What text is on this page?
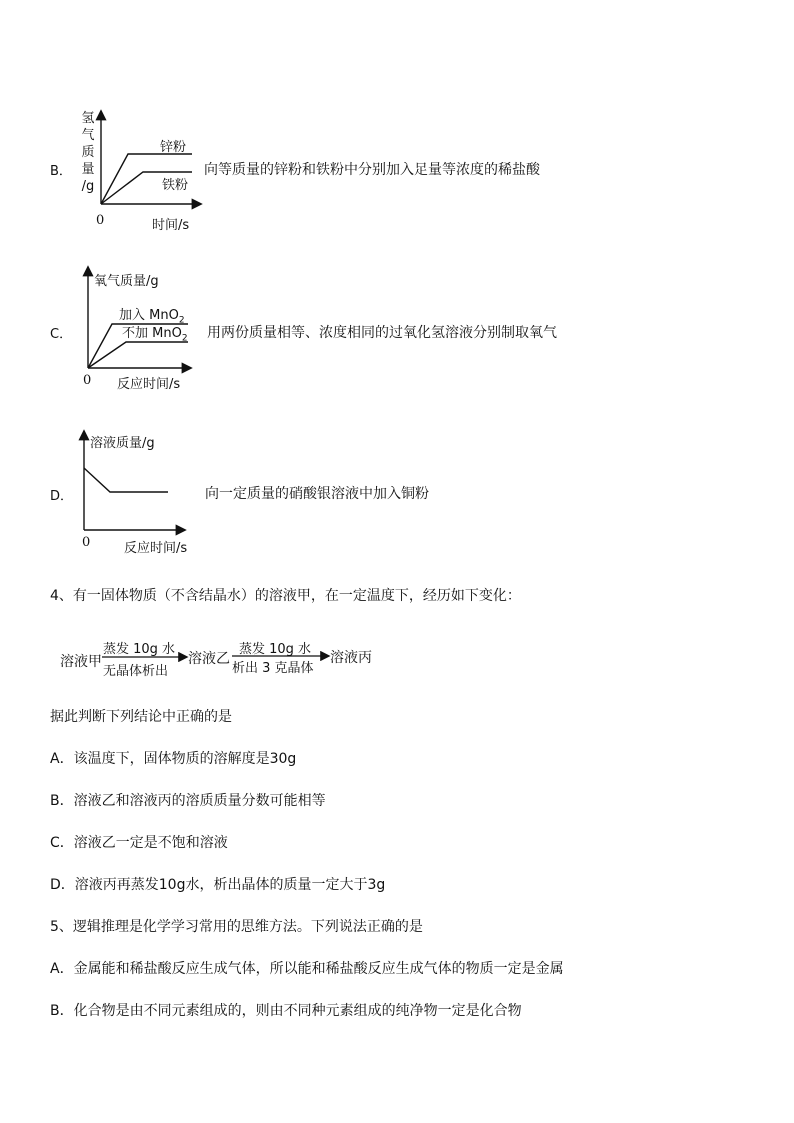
B．
氢
气
质
量
/g
锌粉
铁粉
0	时间/s
向等质量的锌粉和铁粉中分别加入足量等浓度的稀盐酸
C．
氧气质量/g
加入 MnO$_2$
不加 MnO$_2$
0 反应时间/s
用两份质量相等、浓度相同的过氧化氢溶液分别制取氧气
D．
溶液质量/g
0	反应时间/s
向一定质量的硝酸银溶液中加入铜粉
4、有一固体物质（不含结晶水）的溶液甲，在一定温度下，经历如下变化：
溶液甲
蒸发 10g 水
无晶体析出
溶液乙
蒸发 10g 水
析出 3 克晶体
溶液丙
据此判断下列结论中正确的是
A．该温度下，固体物质的溶解度是30g
B．溶液乙和溶液丙的溶质质量分数可能相等
C．溶液乙一定是不饱和溶液
D．溶液丙再蒸发10g水，析出晶体的质量一定大于3g
5、逻辑推理是化学学习常用的思维方法。下列说法正确的是
A．金属能和稀盐酸反应生成气体，所以能和稀盐酸反应生成气体的物质一定是金属
B．化合物是由不同元素组成的，则由不同种元素组成的纯净物一定是化合物
